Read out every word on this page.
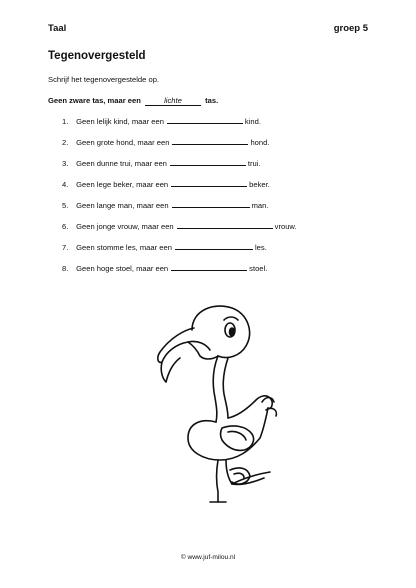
Taal	groep 5
Tegenovergesteld
Schrijf het tegenovergestelde op.
Geen zware tas, maar een	lichte	tas.
1. Geen lelijk kind, maar een	kind.
2. Geen grote hond, maar een	hond.
3. Geen dunne trui, maar een	trui.
4. Geen lege beker, maar een	beker.
5. Geen lange man, maar een	man.
6. Geen jonge vrouw, maar een	vrouw.
7. Geen stomme les, maar een	les.
8. Geen hoge stoel, maar een	stoel.
© www.juf-milou.nl
